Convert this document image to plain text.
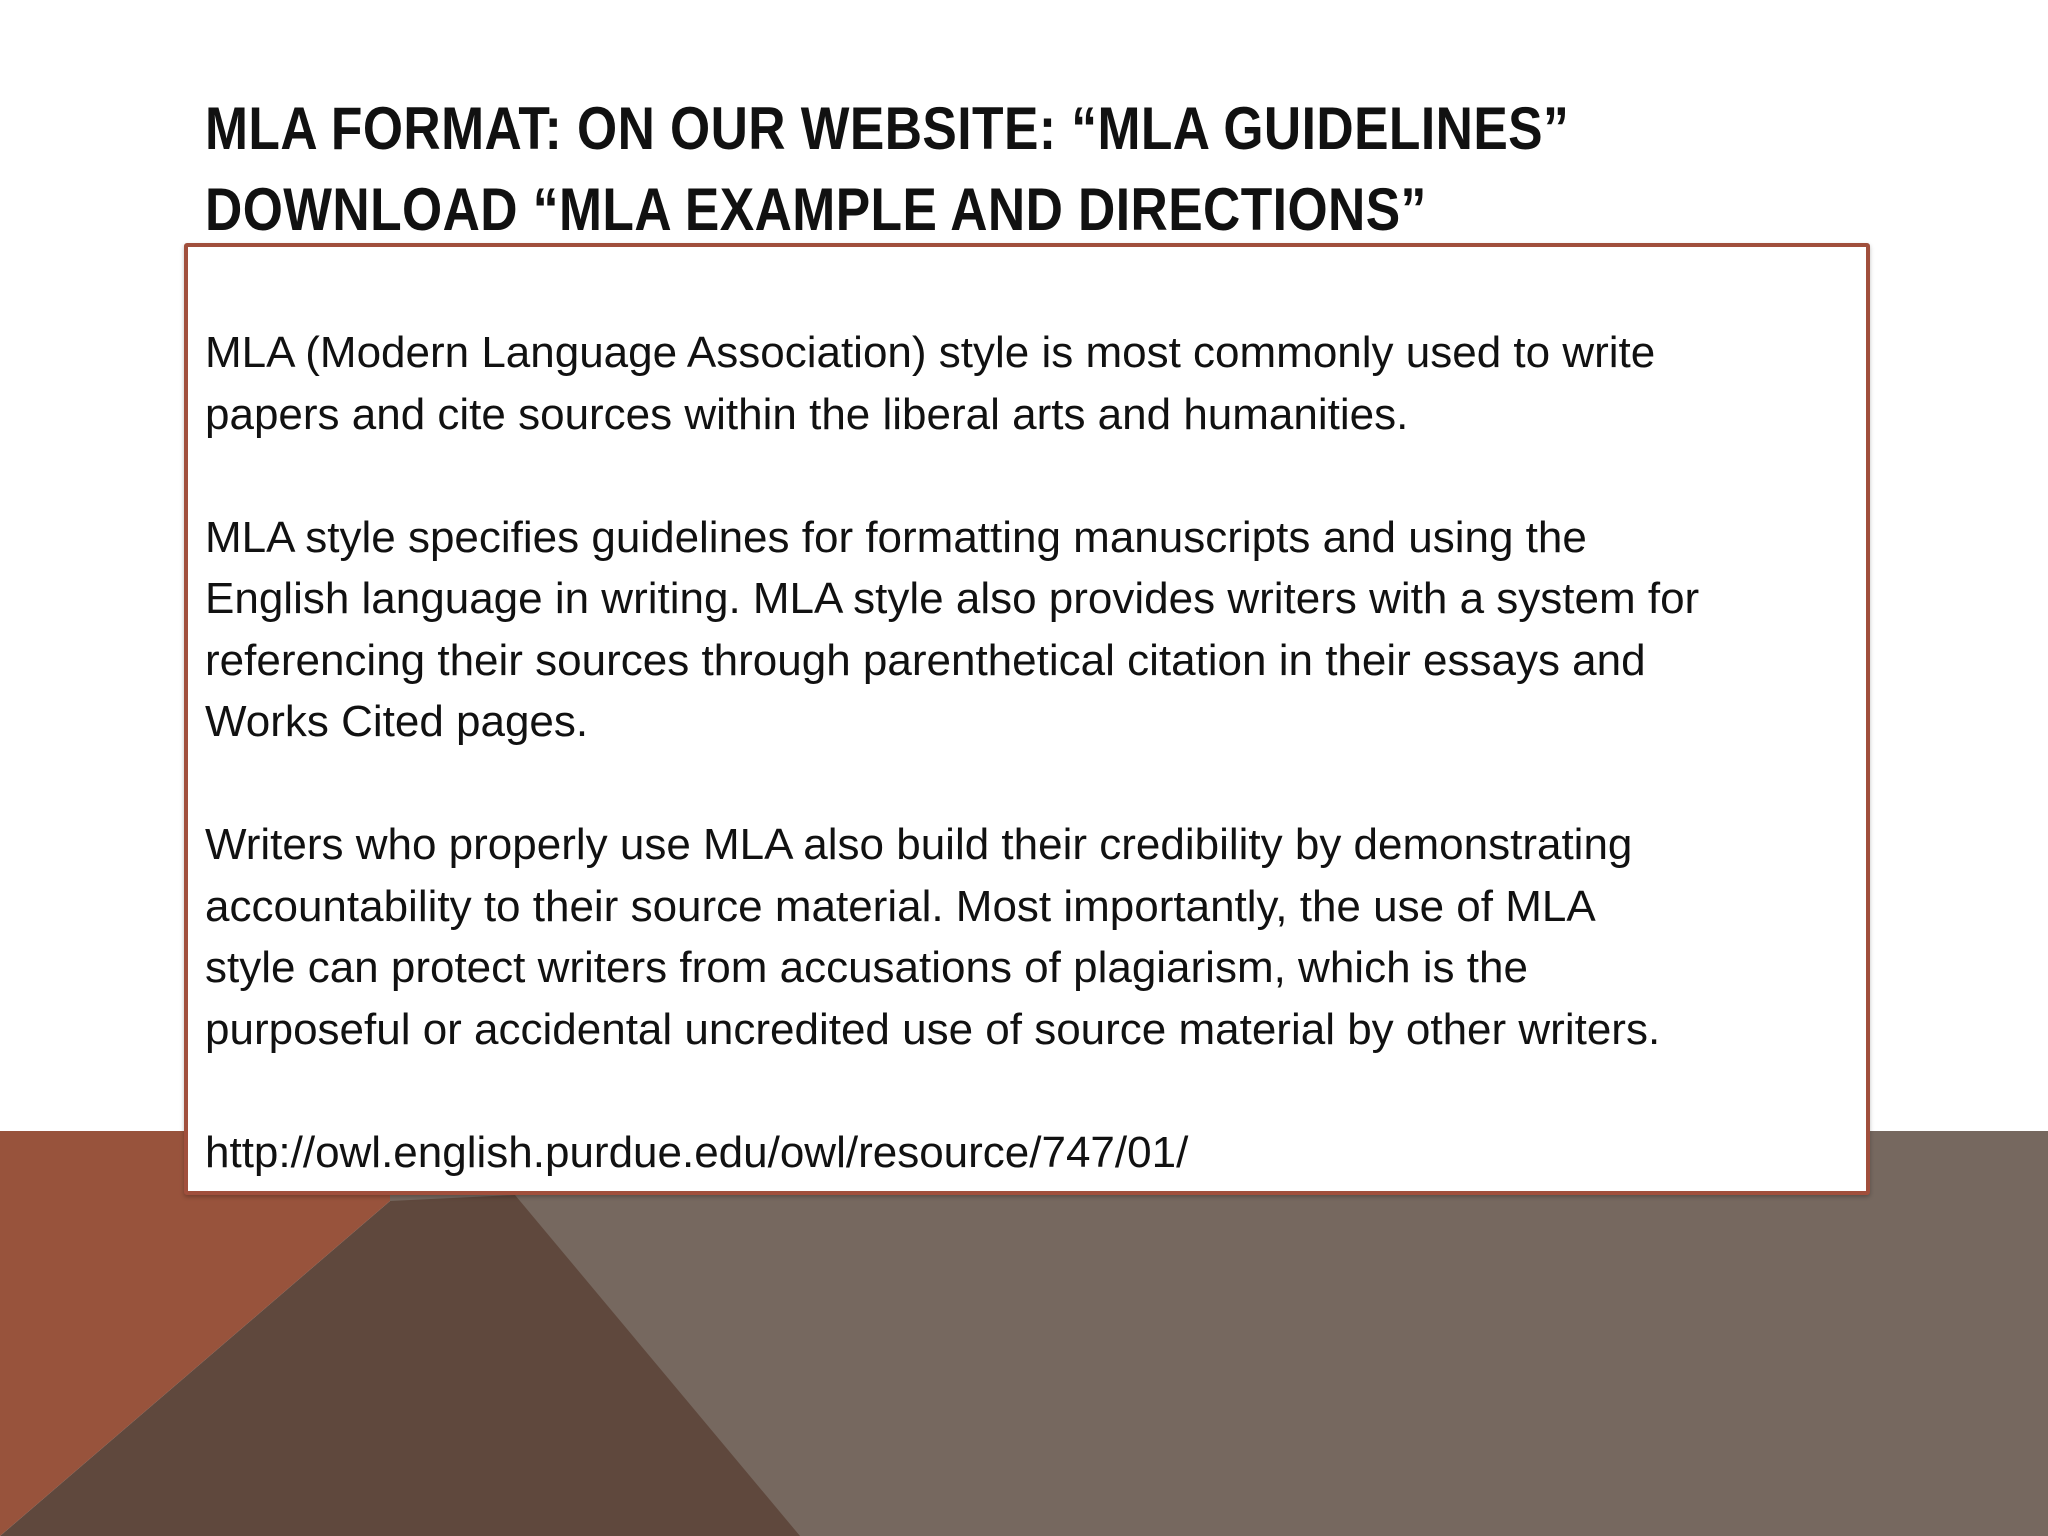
MLA FORMAT: ON OUR WEBSITE: “MLA GUIDELINES”
DOWNLOAD “MLA EXAMPLE AND DIRECTIONS”

MLA (Modern Language Association) style is most commonly used to write
papers and cite sources within the liberal arts and humanities.

MLA style specifies guidelines for formatting manuscripts and using the
English language in writing. MLA style also provides writers with a system for
referencing their sources through parenthetical citation in their essays and
Works Cited pages.

Writers who properly use MLA also build their credibility by demonstrating
accountability to their source material. Most importantly, the use of MLA
style can protect writers from accusations of plagiarism, which is the
purposeful or accidental uncredited use of source material by other writers.

http://owl.english.purdue.edu/owl/resource/747/01/
